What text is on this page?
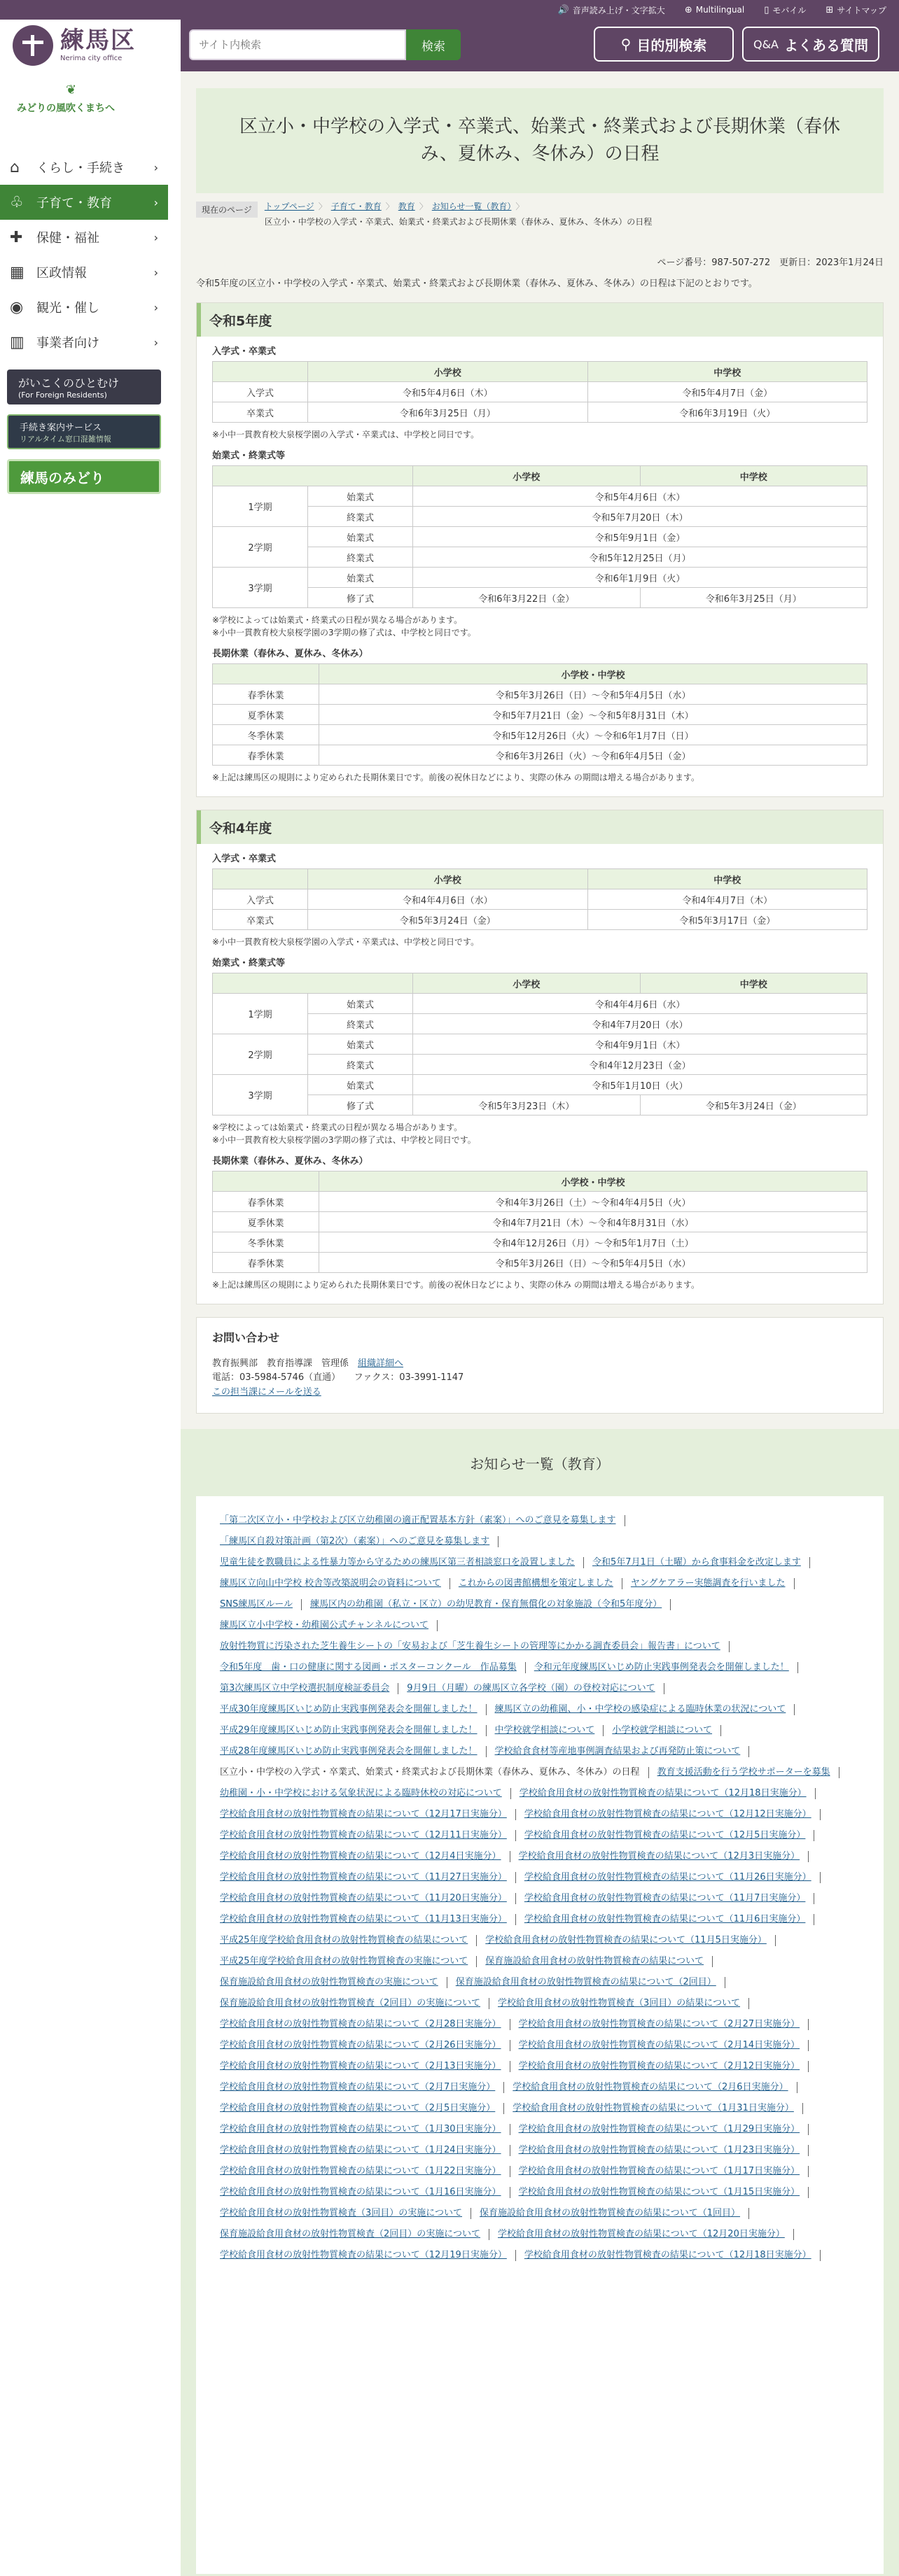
🔊 音声読み上げ・文字拡大 ⊕ Multilingual ▯ モバイル ⊞ サイトマップ
練馬区
Nerima city office
サイト内検索
検索	⚲ 目的別検索	Q&A よくある質問
❦
みどりの風吹くまちへ
⌂	くらし・手続き	›
♧	子育て・教育	›
✚	保健・福祉	›
▦ 区政情報	›
◉	観光・催し	›
▥ 事業者向け	›
がいこくのひとむけ
(For Foreign Residents)
手続き案内サービス
リアルタイム窓口混雑情報
練馬のみどり
区立小・中学校の入学式・卒業式、始業式・終業式および長期休業（春休み、夏休み、冬休み）の日程
現在のページ	トップページ 〉 子育て・教育 〉 教育 〉 お知らせ一覧（教育） 〉
区立小・中学校の入学式・卒業式、始業式・終業式および長期休業（春休み、夏休み、冬休み）の日程
ページ番号：987-507-272　更新日：2023年1月24日
令和5年度の区立小・中学校の入学式・卒業式、始業式・終業式および長期休業（春休み、夏休み、冬休み）の日程は下記のとおりです。
令和5年度
入学式・卒業式
	小学校	中学校
入学式	令和5年4月6日（木）	令和5年4月7日（金）
卒業式	令和6年3月25日（月）	令和6年3月19日（火）
※小中一貫教育校大泉桜学園の入学式・卒業式は、中学校と同日です。
始業式・終業式等
		小学校	中学校
1学期	始業式	令和5年4月6日（木）	
	終業式	令和5年7月20日（木）	
2学期	始業式	令和5年9月1日（金）	
	終業式	令和5年12月25日（月）	
3学期	始業式	令和6年1月9日（火）	
	修了式	令和6年3月22日（金）	令和6年3月25日（月）
※学校によっては始業式・終業式の日程が異なる場合があります。
※小中一貫教育校大泉桜学園の3学期の修了式は、中学校と同日です。
長期休業（春休み、夏休み、冬休み）
	小学校・中学校
春季休業	令和5年3月26日（日）～令和5年4月5日（水）
夏季休業	令和5年7月21日（金）～令和5年8月31日（木）
冬季休業	令和5年12月26日（火）～令和6年1月7日（日）
春季休業	令和6年3月26日（火）～令和6年4月5日（金）
※上記は練馬区の規則により定められた長期休業日です。前後の祝休日などにより、実際の休み の期間は増える場合があります。
令和4年度
入学式・卒業式
	小学校	中学校
入学式	令和4年4月6日（水）	令和4年4月7日（木）
卒業式	令和5年3月24日（金）	令和5年3月17日（金）
※小中一貫教育校大泉桜学園の入学式・卒業式は、中学校と同日です。
始業式・終業式等
		小学校	中学校
1学期	始業式	令和4年4月6日（水）	
	終業式	令和4年7月20日（水）	
2学期	始業式	令和4年9月1日（木）	
	終業式	令和4年12月23日（金）	
3学期	始業式	令和5年1月10日（火）	
	修了式	令和5年3月23日（木）	令和5年3月24日（金）
※学校によっては始業式・終業式の日程が異なる場合があります。
※小中一貫教育校大泉桜学園の3学期の修了式は、中学校と同日です。
長期休業（春休み、夏休み、冬休み）
	小学校・中学校
春季休業	令和4年3月26日（土）～令和4年4月5日（火）
夏季休業	令和4年7月21日（木）～令和4年8月31日（水）
冬季休業	令和4年12月26日（月）～令和5年1月7日（土）
春季休業	令和5年3月26日（日）～令和5年4月5日（水）
※上記は練馬区の規則により定められた長期休業日です。前後の祝休日などにより、実際の休み の期間は増える場合があります。
お問い合わせ
教育振興部　教育指導課　管理係　組織詳細へ
電話：03-5984-5746（直通）　　ファクス：03-3991-1147
この担当課にメールを送る
お知らせ一覧（教育）
「第二次区立小・中学校および区立幼稚園の適正配置基本方針（素案）」へのご意見を募集します
「練馬区自殺対策計画（第2次）（素案）」へのご意見を募集します
児童生徒を教職員による性暴力等から守るための練馬区第三者相談窓口を設置しました	令和5年7月1日（土曜）から食事料金を改定します
練馬区立向山中学校 校舎等改築説明会の資料について	これからの図書館構想を策定しました	ヤングケアラー実態調査を行いました
SNS練馬区ルール	練馬区内の幼稚園（私立・区立）の幼児教育・保育無償化の対象施設（令和5年度分）
練馬区立小中学校・幼稚園公式チャンネルについて
放射性物質に汚染された芝生養生シートの「安易および「芝生養生シートの管理等にかかる調査委員会」報告書」について
令和5年度　歯・口の健康に関する図画・ポスターコンクール　作品募集	令和元年度練馬区いじめ防止実践事例発表会を開催しました！
第3次練馬区立中学校選択制度検証委員会	9月9日（月曜）の練馬区立各学校（園）の登校対応について
平成30年度練馬区いじめ防止実践事例発表会を開催しました！	練馬区立の幼稚園、小・中学校の感染症による臨時休業の状況について
平成29年度練馬区いじめ防止実践事例発表会を開催しました！	中学校就学相談について	小学校就学相談について
平成28年度練馬区いじめ防止実践事例発表会を開催しました！	学校給食食材等産地事例調査結果および再発防止策について
区立小・中学校の入学式・卒業式、始業式・終業式および長期休業（春休み、夏休み、冬休み）の日程	教育支援活動を行う学校サポーターを募集
幼稚園・小・中学校における気象状況による臨時休校の対応について	学校給食用食材の放射性物質検査の結果について（12月18日実施分）
学校給食用食材の放射性物質検査の結果について（12月17日実施分）	学校給食用食材の放射性物質検査の結果について（12月12日実施分）
学校給食用食材の放射性物質検査の結果について（12月11日実施分）	学校給食用食材の放射性物質検査の結果について（12月5日実施分）
学校給食用食材の放射性物質検査の結果について（12月4日実施分）	学校給食用食材の放射性物質検査の結果について（12月3日実施分）
学校給食用食材の放射性物質検査の結果について（11月27日実施分）	学校給食用食材の放射性物質検査の結果について（11月26日実施分）
学校給食用食材の放射性物質検査の結果について（11月20日実施分）	学校給食用食材の放射性物質検査の結果について（11月7日実施分）
学校給食用食材の放射性物質検査の結果について（11月13日実施分）	学校給食用食材の放射性物質検査の結果について（11月6日実施分）
平成25年度学校給食用食材の放射性物質検査の結果について	学校給食用食材の放射性物質検査の結果について（11月5日実施分）
平成25年度学校給食用食材の放射性物質検査の実施について	保育施設給食用食材の放射性物質検査の結果について
保育施設給食用食材の放射性物質検査の実施について	保育施設給食用食材の放射性物質検査の結果について（2回目）
保育施設給食用食材の放射性物質検査（2回目）の実施について	学校給食用食材の放射性物質検査（3回目）の結果について
学校給食用食材の放射性物質検査の結果について（2月28日実施分）	学校給食用食材の放射性物質検査の結果について（2月27日実施分）
学校給食用食材の放射性物質検査の結果について（2月26日実施分）	学校給食用食材の放射性物質検査の結果について（2月14日実施分）
学校給食用食材の放射性物質検査の結果について（2月13日実施分）	学校給食用食材の放射性物質検査の結果について（2月12日実施分）
学校給食用食材の放射性物質検査の結果について（2月7日実施分）	学校給食用食材の放射性物質検査の結果について（2月6日実施分）
学校給食用食材の放射性物質検査の結果について（2月5日実施分）	学校給食用食材の放射性物質検査の結果について（1月31日実施分）
学校給食用食材の放射性物質検査の結果について（1月30日実施分）	学校給食用食材の放射性物質検査の結果について（1月29日実施分）
学校給食用食材の放射性物質検査の結果について（1月24日実施分）	学校給食用食材の放射性物質検査の結果について（1月23日実施分）
学校給食用食材の放射性物質検査の結果について（1月22日実施分）	学校給食用食材の放射性物質検査の結果について（1月17日実施分）
学校給食用食材の放射性物質検査の結果について（1月16日実施分）	学校給食用食材の放射性物質検査の結果について（1月15日実施分）
学校給食用食材の放射性物質検査（3回目）の実施について	保育施設給食用食材の放射性物質検査の結果について（1回目）
保育施設給食用食材の放射性物質検査（2回目）の実施について	学校給食用食材の放射性物質検査の結果について（12月20日実施分）
学校給食用食材の放射性物質検査の結果について（12月19日実施分）	学校給食用食材の放射性物質検査の結果について（12月18日実施分）
